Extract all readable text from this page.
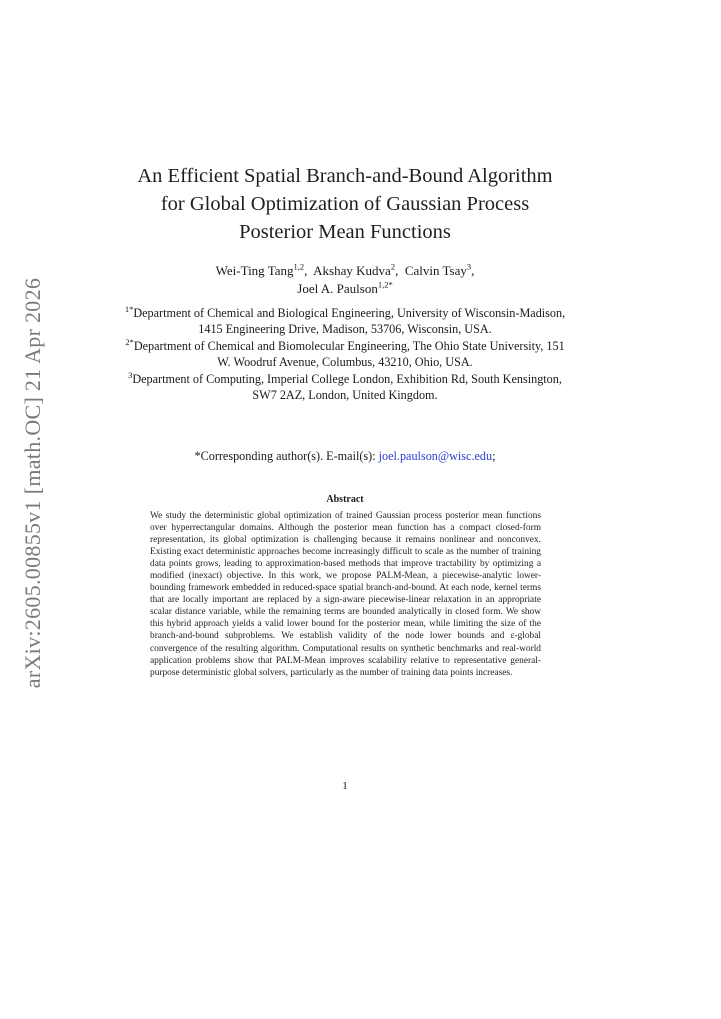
arXiv:2605.00855v1 [math.OC] 21 Apr 2026
An Efficient Spatial Branch-and-Bound Algorithm
for Global Optimization of Gaussian Process
Posterior Mean Functions
Wei-Ting Tang$^{1,2}$,  Akshay Kudva$^2$,  Calvin Tsay$^3$,
Joel A. Paulson$^{1,2*}$

$^{1*}$Department of Chemical and Biological Engineering, University of Wisconsin-Madison, 1415 Engineering Drive, Madison, 53706, Wisconsin, USA.

$^{2*}$Department of Chemical and Biomolecular Engineering, The Ohio State University, 151 W. Woodruf Avenue, Columbus, 43210, Ohio, USA.

$^3$Department of Computing, Imperial College London, Exhibition Rd, South Kensington, SW7 2AZ, London, United Kingdom.

*Corresponding author(s). E-mail(s): joel.paulson@wisc.edu;
Abstract
We study the deterministic global optimization of trained Gaussian process posterior mean functions over hyperrectangular domains. Although the posterior mean function has a compact closed-form representation, its global optimization is challenging because it remains nonlinear and nonconvex. Existing exact deterministic approaches become increasingly difficult to scale as the number of training data points grows, leading to approximation-based methods that improve tractability by optimizing a modified (inexact) objective. In this work, we propose PALM-Mean, a piecewise-analytic lower-bounding framework embedded in reduced-space spatial branch-and-bound. At each node, kernel terms that are locally important are replaced by a sign-aware piecewise-linear relaxation in an appropriate scalar distance variable, while the remaining terms are bounded analytically in closed form. We show this hybrid approach yields a valid lower bound for the posterior mean, while limiting the size of the branch-and-bound subproblems. We establish validity of the node lower bounds and ε-global convergence of the resulting algorithm. Computational results on synthetic benchmarks and real-world application problems show that PALM-Mean improves scalability relative to representative general-purpose deterministic global solvers, particularly as the number of training data points increases.
1
